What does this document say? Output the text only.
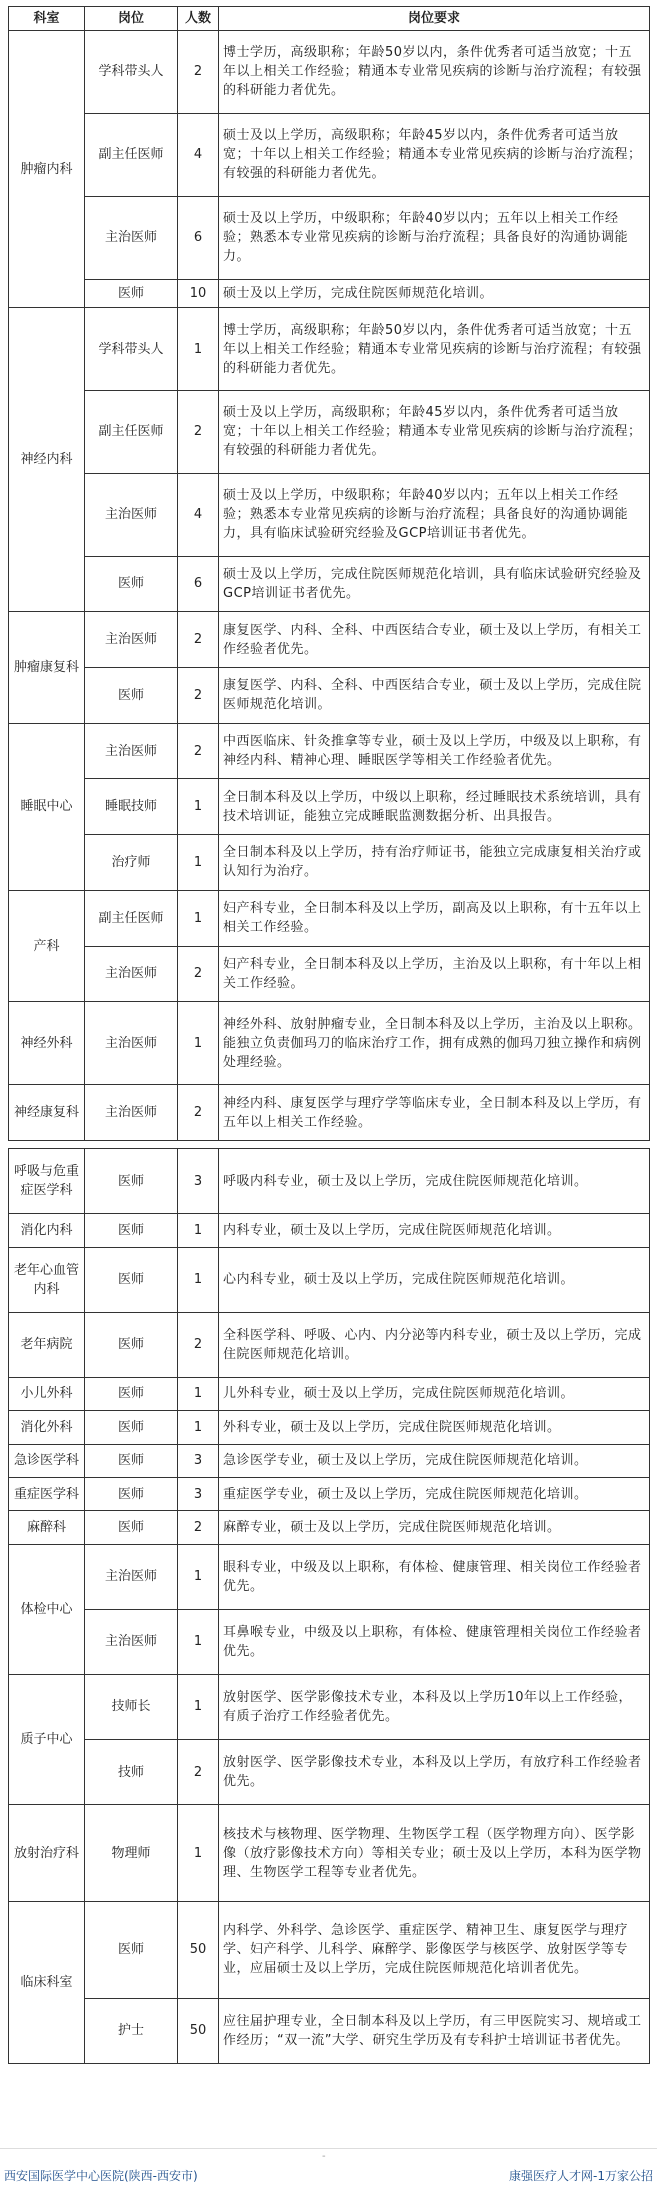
科室	岗位	人数	岗位要求
肿瘤内科	学科带头人	2	博士学历，高级职称；年龄50岁以内，条件优秀者可适当放宽；十五年以上相关工作经验；精通本专业常见疾病的诊断与治疗流程；有较强的科研能力者优先。
	副主任医师	4	硕士及以上学历，高级职称；年龄45岁以内，条件优秀者可适当放宽；十年以上相关工作经验；精通本专业常见疾病的诊断与治疗流程；有较强的科研能力者优先。
	主治医师	6	硕士及以上学历，中级职称；年龄40岁以内；五年以上相关工作经验；熟悉本专业常见疾病的诊断与治疗流程；具备良好的沟通协调能力。
	医师	10	硕士及以上学历，完成住院医师规范化培训。
神经内科	学科带头人	1	博士学历，高级职称；年龄50岁以内，条件优秀者可适当放宽；十五年以上相关工作经验；精通本专业常见疾病的诊断与治疗流程；有较强的科研能力者优先。
	副主任医师	2	硕士及以上学历，高级职称；年龄45岁以内，条件优秀者可适当放宽；十年以上相关工作经验；精通本专业常见疾病的诊断与治疗流程；有较强的科研能力者优先。
	主治医师	4	硕士及以上学历，中级职称；年龄40岁以内；五年以上相关工作经验；熟悉本专业常见疾病的诊断与治疗流程；具备良好的沟通协调能力，具有临床试验研究经验及GCP培训证书者优先。
	医师	6	硕士及以上学历，完成住院医师规范化培训，具有临床试验研究经验及GCP培训证书者优先。
肿瘤康复科	主治医师	2	康复医学、内科、全科、中西医结合专业，硕士及以上学历，有相关工作经验者优先。
	医师	2	康复医学、内科、全科、中西医结合专业，硕士及以上学历，完成住院医师规范化培训。
睡眠中心	主治医师	2	中西医临床、针灸推拿等专业，硕士及以上学历，中级及以上职称，有神经内科、精神心理、睡眠医学等相关工作经验者优先。
	睡眠技师	1	全日制本科及以上学历，中级以上职称，经过睡眠技术系统培训，具有技术培训证，能独立完成睡眠监测数据分析、出具报告。
	治疗师	1	全日制本科及以上学历，持有治疗师证书，能独立完成康复相关治疗或认知行为治疗。
产科	副主任医师	1	妇产科专业，全日制本科及以上学历，副高及以上职称，有十五年以上相关工作经验。
	主治医师	2	妇产科专业，全日制本科及以上学历，主治及以上职称，有十年以上相关工作经验。
神经外科	主治医师	1	神经外科、放射肿瘤专业，全日制本科及以上学历，主治及以上职称。能独立负责伽玛刀的临床治疗工作，拥有成熟的伽玛刀独立操作和病例处理经验。
神经康复科	主治医师	2	神经内科、康复医学与理疗学等临床专业，全日制本科及以上学历，有五年以上相关工作经验。
呼吸与危重症医学科	医师	3	呼吸内科专业，硕士及以上学历，完成住院医师规范化培训。
消化内科	医师	1	内科专业，硕士及以上学历，完成住院医师规范化培训。
老年心血管内科	医师	1	心内科专业，硕士及以上学历，完成住院医师规范化培训。
老年病院	医师	2	全科医学科、呼吸、心内、内分泌等内科专业，硕士及以上学历，完成住院医师规范化培训。
小儿外科	医师	1	儿外科专业，硕士及以上学历，完成住院医师规范化培训。
消化外科	医师	1	外科专业，硕士及以上学历，完成住院医师规范化培训。
急诊医学科	医师	3	急诊医学专业，硕士及以上学历，完成住院医师规范化培训。
重症医学科	医师	3	重症医学专业，硕士及以上学历，完成住院医师规范化培训。
麻醉科	医师	2	麻醉专业，硕士及以上学历，完成住院医师规范化培训。
体检中心	主治医师	1	眼科专业，中级及以上职称，有体检、健康管理、相关岗位工作经验者优先。
	主治医师	1	耳鼻喉专业，中级及以上职称，有体检、健康管理相关岗位工作经验者优先。
质子中心	技师长	1	放射医学、医学影像技术专业，本科及以上学历10年以上工作经验，有质子治疗工作经验者优先。
	技师	2	放射医学、医学影像技术专业，本科及以上学历，有放疗科工作经验者优先。
放射治疗科	物理师	1	核技术与核物理、医学物理、生物医学工程（医学物理方向）、医学影像（放疗影像技术方向）等相关专业；硕士及以上学历，本科为医学物理、生物医学工程等专业者优先。
临床科室	医师	50	内科学、外科学、急诊医学、重症医学、精神卫生、康复医学与理疗学、妇产科学、儿科学、麻醉学、影像医学与核医学、放射医学等专业，应届硕士及以上学历，完成住院医师规范化培训者优先。
	护士	50	应往届护理专业，全日制本科及以上学历，有三甲医院实习、规培或工作经历；“双一流”大学、研究生学历及有专科护士培训证书者优先。
-
西安国际医学中心医院(陕西-西安市)	康强医疗人才网-1万家公招
